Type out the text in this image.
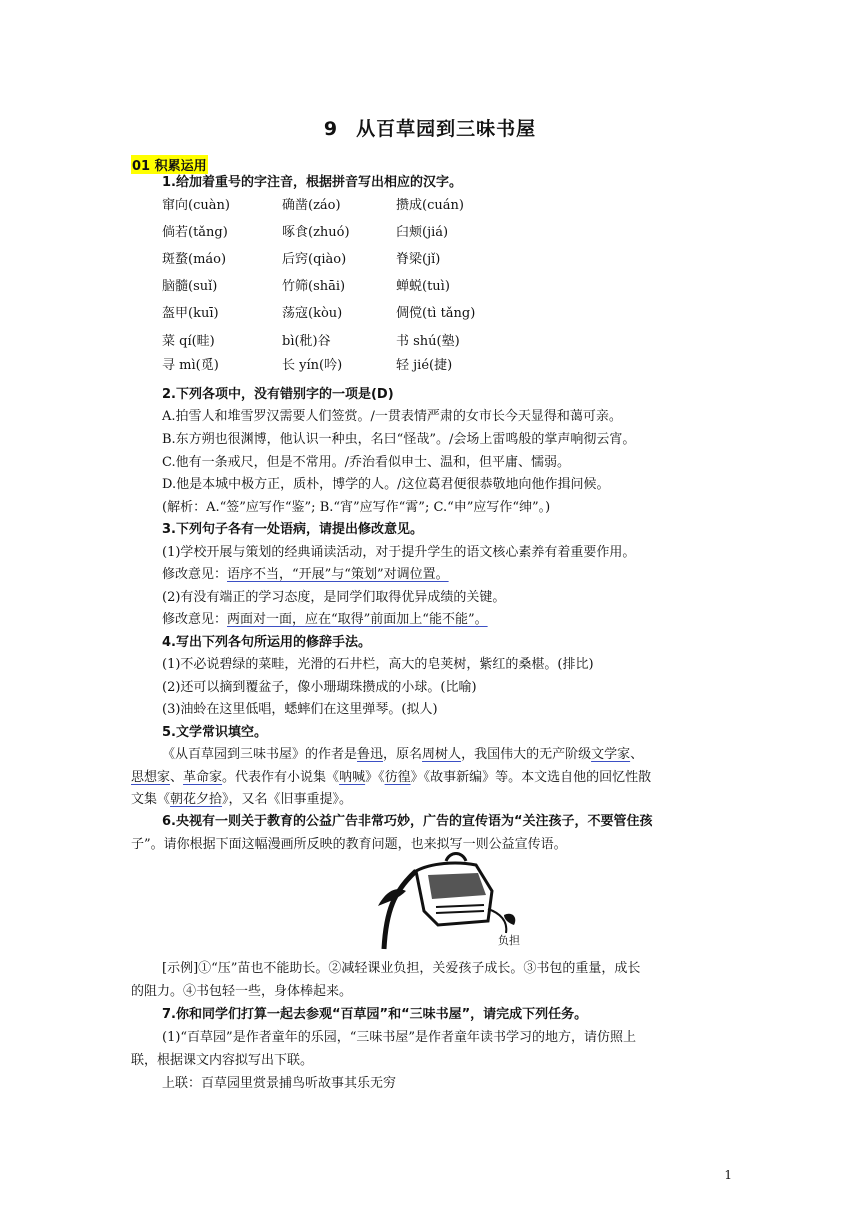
9 从百草园到三味书屋
01 积累运用
1.给加着重号的字注音，根据拼音写出相应的汉字。
窜向(cuàn)	确凿(záo)	攒成(cuán)
倘若(tǎng)	啄食(zhuó)	臼颊(jiá)
斑蝥(máo)	后窍(qiào)	脊梁(jǐ)
脑髓(suǐ)	竹筛(shāi)	蝉蜕(tuì)
盔甲(kuī)	荡寇(kòu)	倜傥(tì tǎng)
菜 qí(畦)	bì(秕)谷	书 shú(塾)
寻 mì(觅)	长 yín(吟)	轻 jié(捷)
2.下列各项中，没有错别字的一项是(D)
A.拍雪人和堆雪罗汉需要人们签赏。/一贯表情严肃的女市长今天显得和蔼可亲。
B.东方朔也很渊博，他认识一种虫，名曰“怪哉”。/会场上雷鸣般的掌声响彻云宵。
C.他有一条戒尺，但是不常用。/乔治看似申士、温和，但平庸、懦弱。
D.他是本城中极方正，质朴，博学的人。/这位葛君便很恭敬地向他作揖问候。
(解析：A.“签”应写作“鉴”; B.“宵”应写作“霄”; C.“申”应写作“绅”。)
3.下列句子各有一处语病，请提出修改意见。
(1)学校开展与策划的经典诵读活动，对于提升学生的语文核心素养有着重要作用。
修改意见：语序不当，“开展”与“策划”对调位置。
(2)有没有端正的学习态度，是同学们取得优异成绩的关键。
修改意见：两面对一面，应在“取得”前面加上“能不能”。
4.写出下列各句所运用的修辞手法。
(1)不必说碧绿的菜畦，光滑的石井栏，高大的皂荚树，紫红的桑椹。(排比)
(2)还可以摘到覆盆子，像小珊瑚珠攒成的小球。(比喻)
(3)油蛉在这里低唱，蟋蟀们在这里弹琴。(拟人)
5.文学常识填空。
《从百草园到三味书屋》的作者是鲁迅，原名周树人，我国伟大的无产阶级文学家、
思想家、革命家。代表作有小说集《呐喊》《彷徨》《故事新编》等。本文选自他的回忆性散
文集《朝花夕拾》，又名《旧事重提》。
6.央视有一则关于教育的公益广告非常巧妙，广告的宣传语为“关注孩子，不要管住孩
子”。请你根据下面这幅漫画所反映的教育问题，也来拟写一则公益宣传语。
负担
[示例]①“压”苗也不能助长。②减轻课业负担，关爱孩子成长。③书包的重量，成长
的阻力。④书包轻一些，身体棒起来。
7.你和同学们打算一起去参观“百草园”和“三味书屋”，请完成下列任务。
(1)“百草园”是作者童年的乐园，“三味书屋”是作者童年读书学习的地方，请仿照上
联，根据课文内容拟写出下联。
上联：百草园里赏景捕鸟听故事其乐无穷
1
